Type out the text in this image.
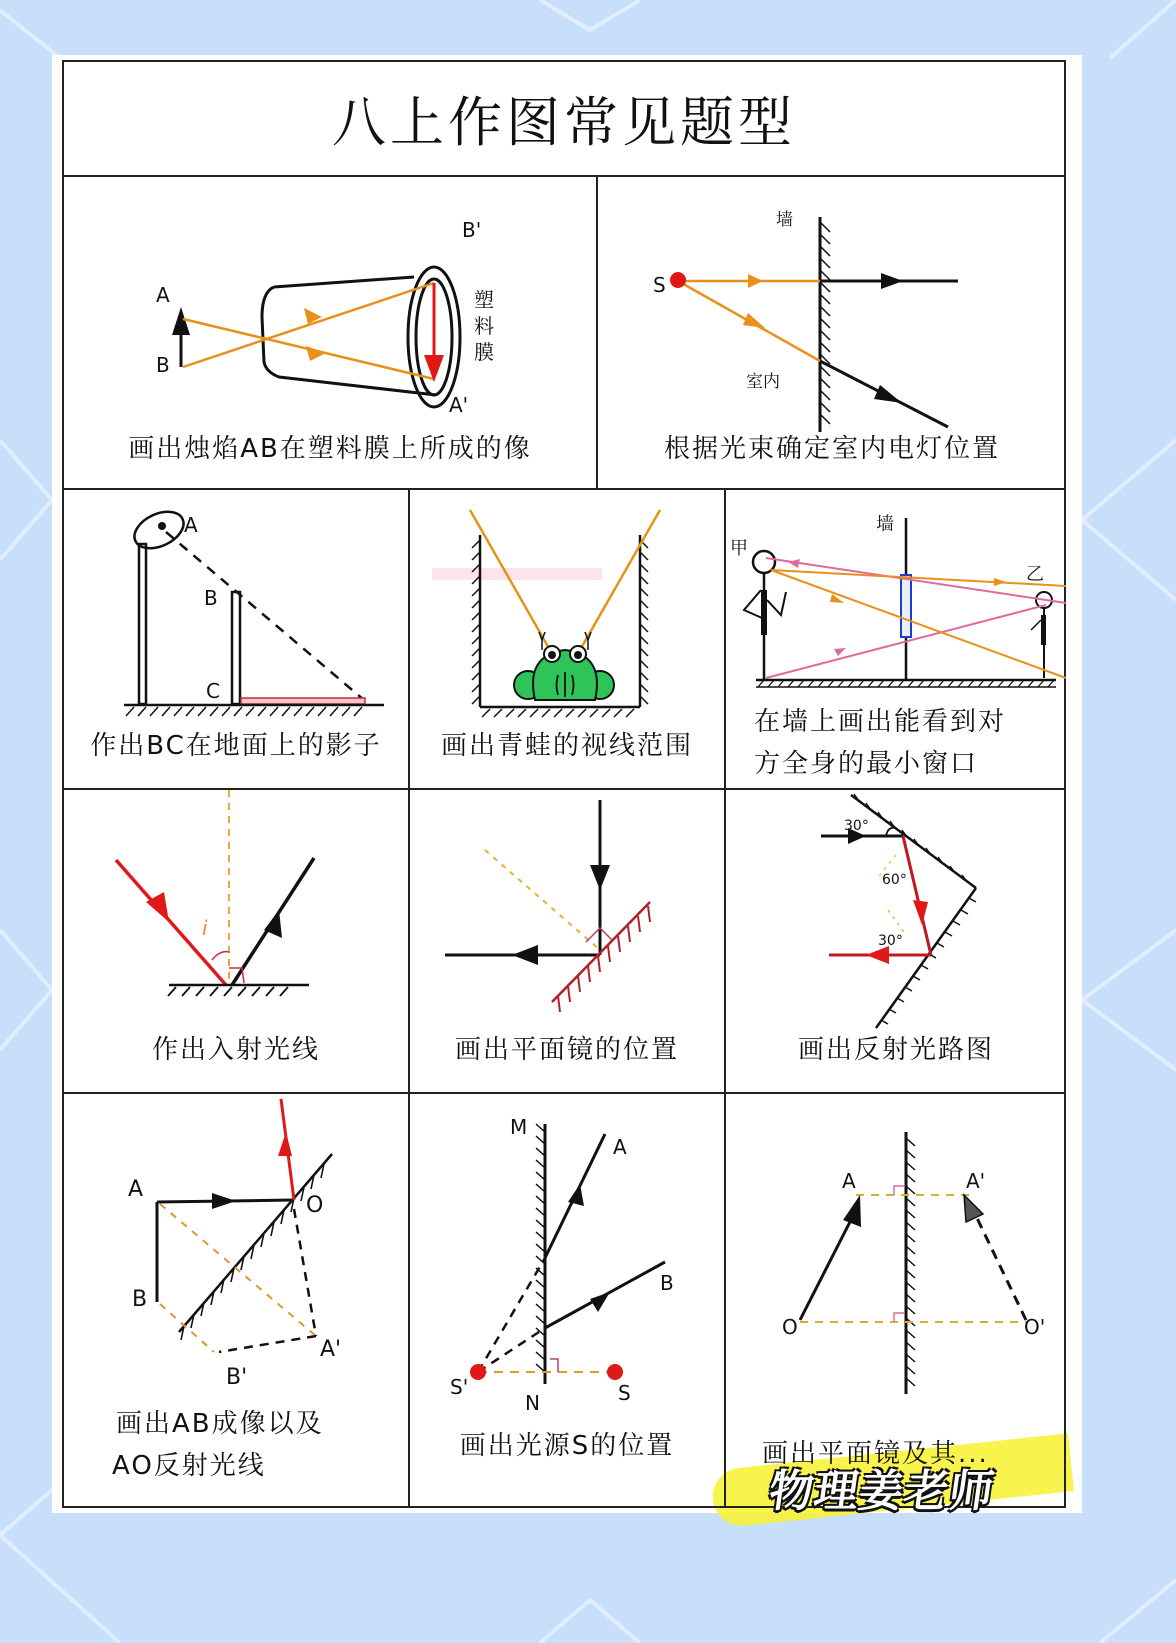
八上作图常见题型
A
B
B'
A'
塑
料
膜
画出烛焰AB在塑料膜上所成的像
墙
S
室内
根据光束确定室内电灯位置
A
B
C
作出BC在地面上的影子	画出青蛙的视线范围
墙
甲
乙
在墙上画出能看到对
方全身的最小窗口
i
作出入射光线	画出平面镜的位置
30°
60°
30°
画出反射光路图
A
B
O
A'
B'
画出AB成像以及
AO反射光线
M
N
A
B
S
S'
画出光源S的位置
A	A'
O	O'
画出平面镜及其...
物理姜老师
